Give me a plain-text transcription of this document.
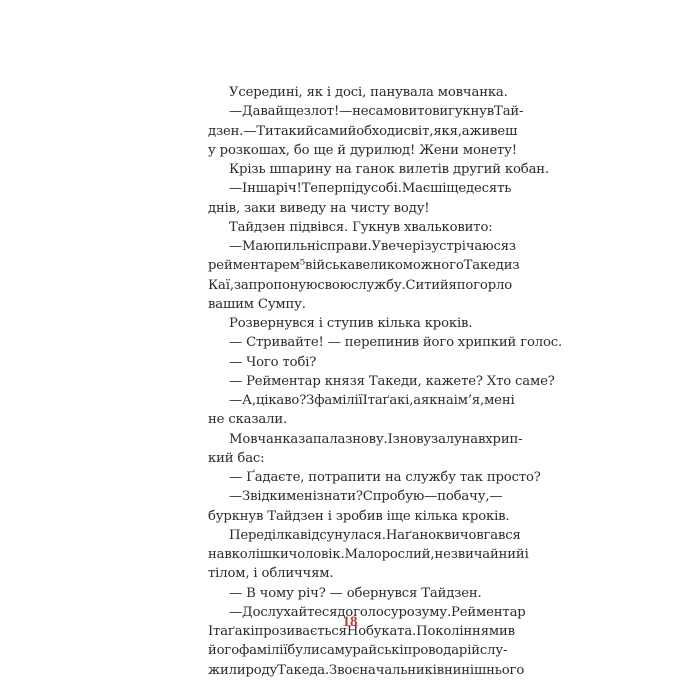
Усередині, як і досі, панувала мовчанка.
— Давай ще злот! — несамовито вигукнув Тай-
дзен. — Ти такий самий обходисвіт, як я, а живеш
у розкошах, бо ще й дурилюд! Жени монету!
Крізь шпарину на ганок вилетів другий кобан.
— Інша річ! Тепер піду собі. Маєш іще десять
днів, заки виведу на чисту воду!
Тайдзен підвівся. Гукнув хвальковито:
— Маю пильні справи. Увечері зустрічаюся з
рейментарем⁵ війська великоможного Такеди з
Каї, запропоную свою службу. Ситий я по горло
вашим Сумпу.
Розвернувся і ступив кілька кроків.
— Стривайте! — перепинив його хрипкий голос.
— Чого тобі?
— Рейментар князя Такеди, кажете? Хто саме?
— А, цікаво? З фамілії Ітаґакі, а як на ім’я, мені
не сказали.
Мовчанка запала знову. І знову залунав хрип-
кий бас:
— Ґадаєте, потрапити на службу так просто?
— Звідки мені знати? Спробую — побачу, —
буркнув Тайдзен і зробив іще кілька кроків.
Переділка відсунулася. На ґанок вичовгався
навколішки чоловік. Малорослий, незвичайний і
тілом, і обличчям.
— В чому річ? — обернувся Тайдзен.
— Дослухайтеся до голосу розуму. Рейментар
Ітаґакі прозивається Нобуката. Поколіннями в
його фамілії були самурайські проводарі й слу-
жили роду Такеда. З воєначальників нинішнього
18
